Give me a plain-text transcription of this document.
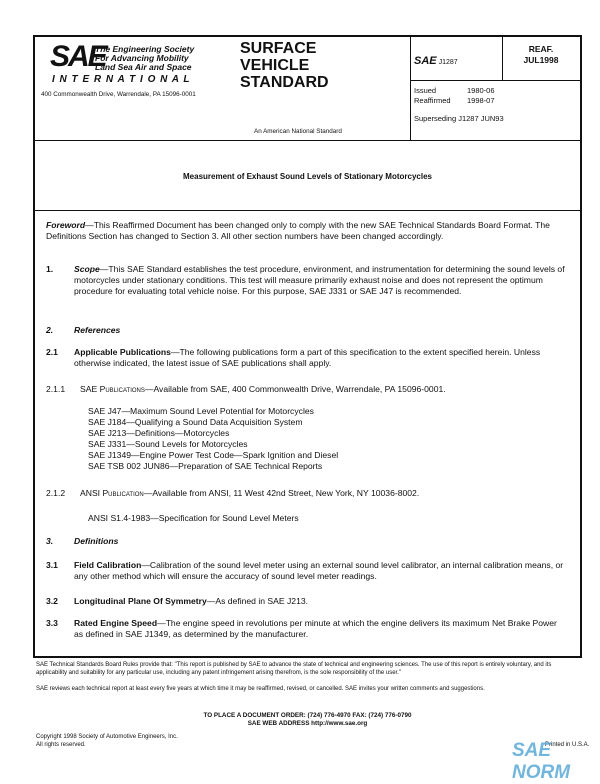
SAE
The Engineering Society
For Advancing Mobility
Land Sea Air and Space
I N T E R N A T I O N A L
400 Commonwealth Drive, Warrendale, PA 15096-0001
SURFACE
VEHICLE
STANDARD
An American National Standard
SAE J1287
REAF.
JUL1998
Issued	1980-06
Reaffirmed 1998-07
Superseding J1287 JUN93
Measurement of Exhaust Sound Levels of Stationary Motorcycles
Foreword—This Reaffirmed Document has been changed only to comply with the new SAE Technical Standards Board Format. The Definitions Section has changed to Section 3. All other section numbers have been changed accordingly.
1. Scope—This SAE Standard establishes the test procedure, environment, and instrumentation for determining the sound levels of motorcycles under stationary conditions. This test will measure primarily exhaust noise and does not represent the optimum procedure for evaluating total vehicle noise. For this purpose, SAE J331 or SAE J47 is recommended.
2. References
2.1 Applicable Publications—The following publications form a part of this specification to the extent specified herein. Unless otherwise indicated, the latest issue of SAE publications shall apply.
2.1.1 SAE Publications—Available from SAE, 400 Commonwealth Drive, Warrendale, PA 15096-0001.
SAE J47—Maximum Sound Level Potential for Motorcycles
SAE J184—Qualifying a Sound Data Acquisition System
SAE J213—Definitions—Motorcycles
SAE J331—Sound Levels for Motorcycles
SAE J1349—Engine Power Test Code—Spark Ignition and Diesel
SAE TSB 002 JUN86—Preparation of SAE Technical Reports
2.1.2 ANSI Publication—Available from ANSI, 11 West 42nd Street, New York, NY 10036-8002.
ANSI S1.4-1983—Specification for Sound Level Meters
3. Definitions
3.1 Field Calibration—Calibration of the sound level meter using an external sound level calibrator, an internal calibration means, or any other method which will ensure the accuracy of sound level meter readings.
3.2 Longitudinal Plane Of Symmetry—As defined in SAE J213.
3.3 Rated Engine Speed—The engine speed in revolutions per minute at which the engine delivers its maximum Net Brake Power as defined in SAE J1349, as determined by the manufacturer.
SAE Technical Standards Board Rules provide that: "This report is published by SAE to advance the state of technical and engineering sciences. The use of this report is entirely voluntary, and its applicability and suitability for any particular use, including any patent infringement arising therefrom, is the sole responsibility of the user."
SAE reviews each technical report at least every five years at which time it may be reaffirmed, revised, or cancelled. SAE invites your written comments and suggestions.
TO PLACE A DOCUMENT ORDER: (724) 776-4970 FAX: (724) 776-0790
SAE WEB ADDRESS http://www.sae.org
Copyright 1998 Society of Automotive Engineers, Inc.
All rights reserved.	Printed in U.S.A.
SAE NORM
